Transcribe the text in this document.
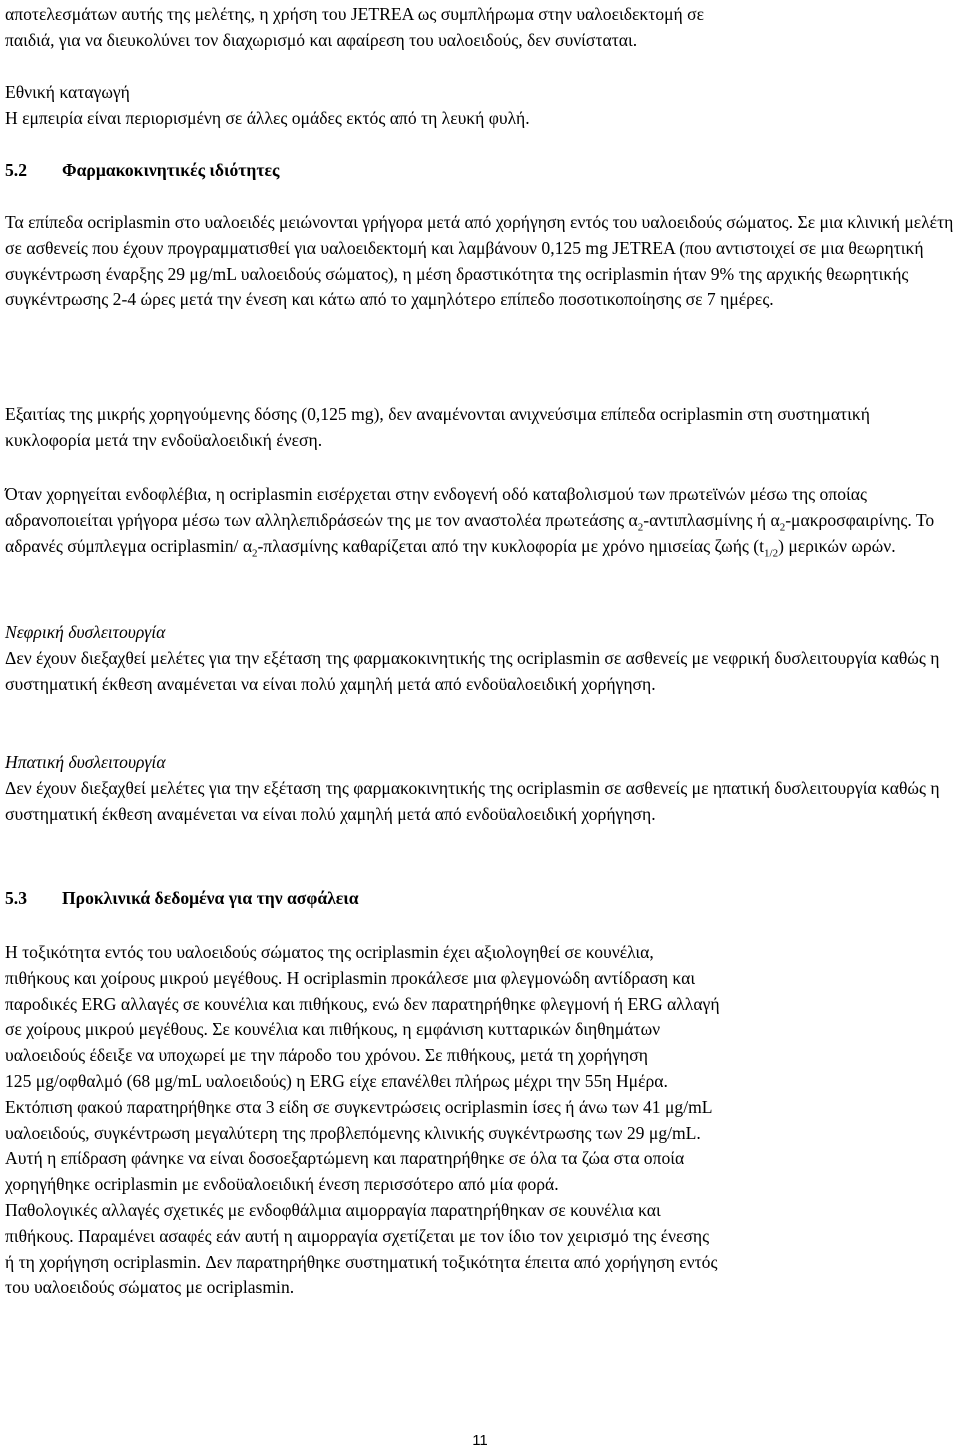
αποτελεσμάτων αυτής της μελέτης, η χρήση του JETREA ως συμπλήρωμα στην υαλοειδεκτομή σε

παιδιά, για να διευκολύνει τον διαχωρισμό και αφαίρεση του υαλοειδούς, δεν συνίσταται.

Εθνική καταγωγή

Η εμπειρία είναι περιορισμένη σε άλλες ομάδες εκτός από τη λευκή φυλή.

5.2 Φαρμακοκινητικές ιδιότητες

Τα επίπεδα ocriplasmin στο υαλοειδές μειώνονται γρήγορα μετά από χορήγηση εντός του υαλοειδούς σώματος. Σε μια κλινική μελέτη σε ασθενείς που έχουν προγραμματισθεί για υαλοειδεκτομή και λαμβάνουν 0,125 mg JETREA (που αντιστοιχεί σε μια θεωρητική συγκέντρωση έναρξης 29 μg/mL υαλοειδούς σώματος), η μέση δραστικότητα της ocriplasmin ήταν 9% της αρχικής θεωρητικής συγκέντρωσης 2-4 ώρες μετά την ένεση και κάτω από το χαμηλότερο επίπεδο ποσοτικοποίησης σε 7 ημέρες.

Εξαιτίας της μικρής χορηγούμενης δόσης (0,125 mg), δεν αναμένονται ανιχνεύσιμα επίπεδα ocriplasmin στη συστηματική κυκλοφορία μετά την ενδοϋαλοειδική ένεση.

Όταν χορηγείται ενδοφλέβια, η ocriplasmin εισέρχεται στην ενδογενή οδό καταβολισμού των πρωτεϊνών μέσω της οποίας αδρανοποιείται γρήγορα μέσω των αλληλεπιδράσεών της με τον αναστολέα πρωτεάσης $\alpha_2$-αντιπλασμίνης ή $\alpha_2$-μακροσφαιρίνης. Το αδρανές σύμπλεγμα ocriplasmin/ $\alpha_2$-πλασμίνης καθαρίζεται από την κυκλοφορία με χρόνο ημισείας ζωής $(t_{1/2})$ μερικών ωρών.

Νεφρική δυσλειτουργία

Δεν έχουν διεξαχθεί μελέτες για την εξέταση της φαρμακοκινητικής της ocriplasmin σε ασθενείς με νεφρική δυσλειτουργία καθώς η συστηματική έκθεση αναμένεται να είναι πολύ χαμηλή μετά από ενδοϋαλοειδική χορήγηση.

Ηπατική δυσλειτουργία

Δεν έχουν διεξαχθεί μελέτες για την εξέταση της φαρμακοκινητικής της ocriplasmin σε ασθενείς με ηπατική δυσλειτουργία καθώς η συστηματική έκθεση αναμένεται να είναι πολύ χαμηλή μετά από ενδοϋαλοειδική χορήγηση.

5.3 Προκλινικά δεδομένα για την ασφάλεια

Η τοξικότητα εντός του υαλοειδούς σώματος της ocriplasmin έχει αξιολογηθεί σε κουνέλια,

πιθήκους και χοίρους μικρού μεγέθους. Η ocriplasmin προκάλεσε μια φλεγμονώδη αντίδραση και

παροδικές ERG αλλαγές σε κουνέλια και πιθήκους, ενώ δεν παρατηρήθηκε φλεγμονή ή ERG αλλαγή

σε χοίρους μικρού μεγέθους. Σε κουνέλια και πιθήκους, η εμφάνιση κυτταρικών διηθημάτων

υαλοειδούς έδειξε να υποχωρεί με την πάροδο του χρόνου. Σε πιθήκους, μετά τη χορήγηση

125 μg/οφθαλμό (68 μg/mL υαλοειδούς) η ERG είχε επανέλθει πλήρως μέχρι την 55η Ημέρα.

Εκτόπιση φακού παρατηρήθηκε στα 3 είδη σε συγκεντρώσεις ocriplasmin ίσες ή άνω των 41 μg/mL

υαλοειδούς, συγκέντρωση μεγαλύτερη της προβλεπόμενης κλινικής συγκέντρωσης των 29 μg/mL.

Αυτή η επίδραση φάνηκε να είναι δοσοεξαρτώμενη και παρατηρήθηκε σε όλα τα ζώα στα οποία

χορηγήθηκε ocriplasmin με ενδοϋαλοειδική ένεση περισσότερο από μία φορά.

Παθολογικές αλλαγές σχετικές με ενδοφθάλμια αιμορραγία παρατηρήθηκαν σε κουνέλια και

πιθήκους. Παραμένει ασαφές εάν αυτή η αιμορραγία σχετίζεται με τον ίδιο τον χειρισμό της ένεσης

ή τη χορήγηση ocriplasmin. Δεν παρατηρήθηκε συστηματική τοξικότητα έπειτα από χορήγηση εντός

του υαλοειδούς σώματος με ocriplasmin.

11
